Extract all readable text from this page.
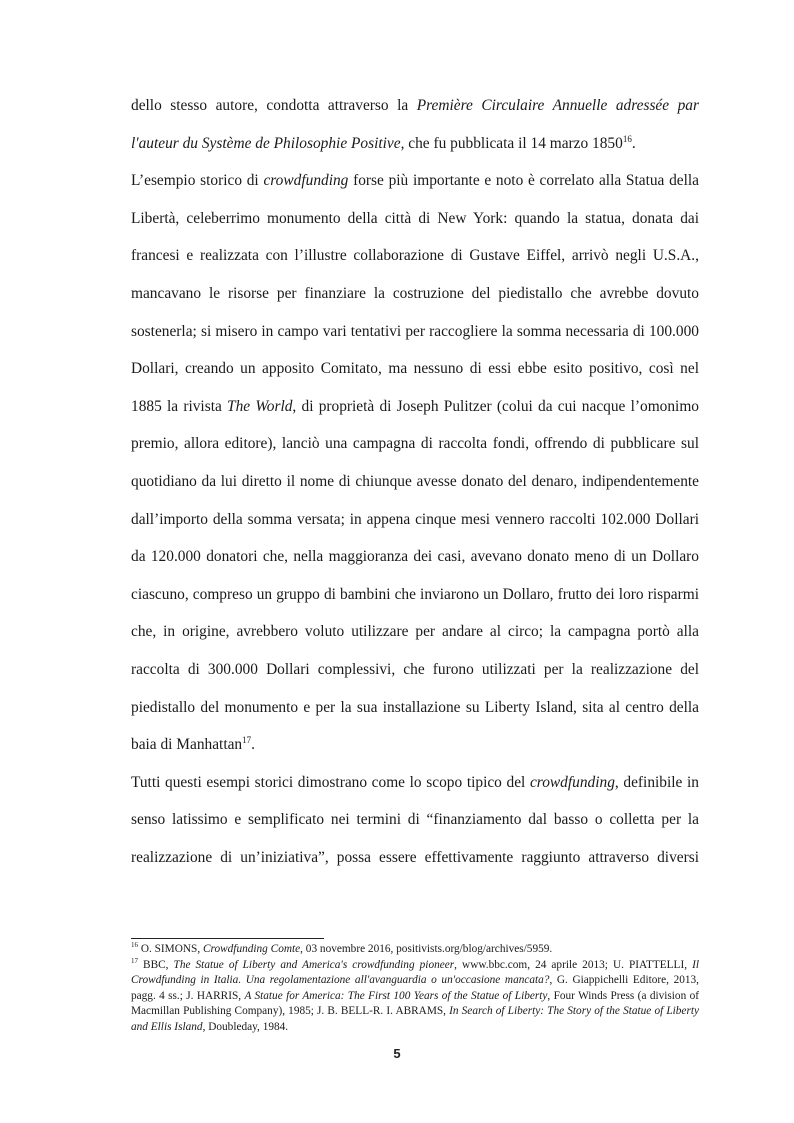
dello stesso autore, condotta attraverso la Première Circulaire Annuelle adressée par l'auteur du Système de Philosophie Positive, che fu pubblicata il 14 marzo 1850$^{16}$.

L’esempio storico di crowdfunding forse più importante e noto è correlato alla Statua della Libertà, celeberrimo monumento della città di New York: quando la statua, donata dai francesi e realizzata con l’illustre collaborazione di Gustave Eiffel, arrivò negli U.S.A., mancavano le risorse per finanziare la costruzione del piedistallo che avrebbe dovuto sostenerla; si misero in campo vari tentativi per raccogliere la somma necessaria di 100.000 Dollari, creando un apposito Comitato, ma nessuno di essi ebbe esito positivo, così nel 1885 la rivista The World, di proprietà di Joseph Pulitzer (colui da cui nacque l’omonimo premio, allora editore), lanciò una campagna di raccolta fondi, offrendo di pubblicare sul quotidiano da lui diretto il nome di chiunque avesse donato del denaro, indipendentemente dall’importo della somma versata; in appena cinque mesi vennero raccolti 102.000 Dollari da 120.000 donatori che, nella maggioranza dei casi, avevano donato meno di un Dollaro ciascuno, compreso un gruppo di bambini che inviarono un Dollaro, frutto dei loro risparmi che, in origine, avrebbero voluto utilizzare per andare al circo; la campagna portò alla raccolta di 300.000 Dollari complessivi, che furono utilizzati per la realizzazione del piedistallo del monumento e per la sua installazione su Liberty Island, sita al centro della baia di Manhattan$^{17}$.

Tutti questi esempi storici dimostrano come lo scopo tipico del crowdfunding, definibile in senso latissimo e semplificato nei termini di “finanziamento dal basso o colletta per la realizzazione di un’iniziativa”, possa essere effettivamente raggiunto attraverso diversi

$^{16}$ O. SIMONS, Crowdfunding Comte, 03 novembre 2016, positivists.org/blog/archives/5959.

$^{17}$ BBC, The Statue of Liberty and America's crowdfunding pioneer, www.bbc.com, 24 aprile 2013; U. PIATTELLI, Il Crowdfunding in Italia. Una regolamentazione all'avanguardia o un'occasione mancata?, G. Giappichelli Editore, 2013, pagg. 4 ss.; J. HARRIS, A Statue for America: The First 100 Years of the Statue of Liberty, Four Winds Press (a division of Macmillan Publishing Company), 1985; J. B. BELL-R. I. ABRAMS, In Search of Liberty: The Story of the Statue of Liberty and Ellis Island, Doubleday, 1984.

5
